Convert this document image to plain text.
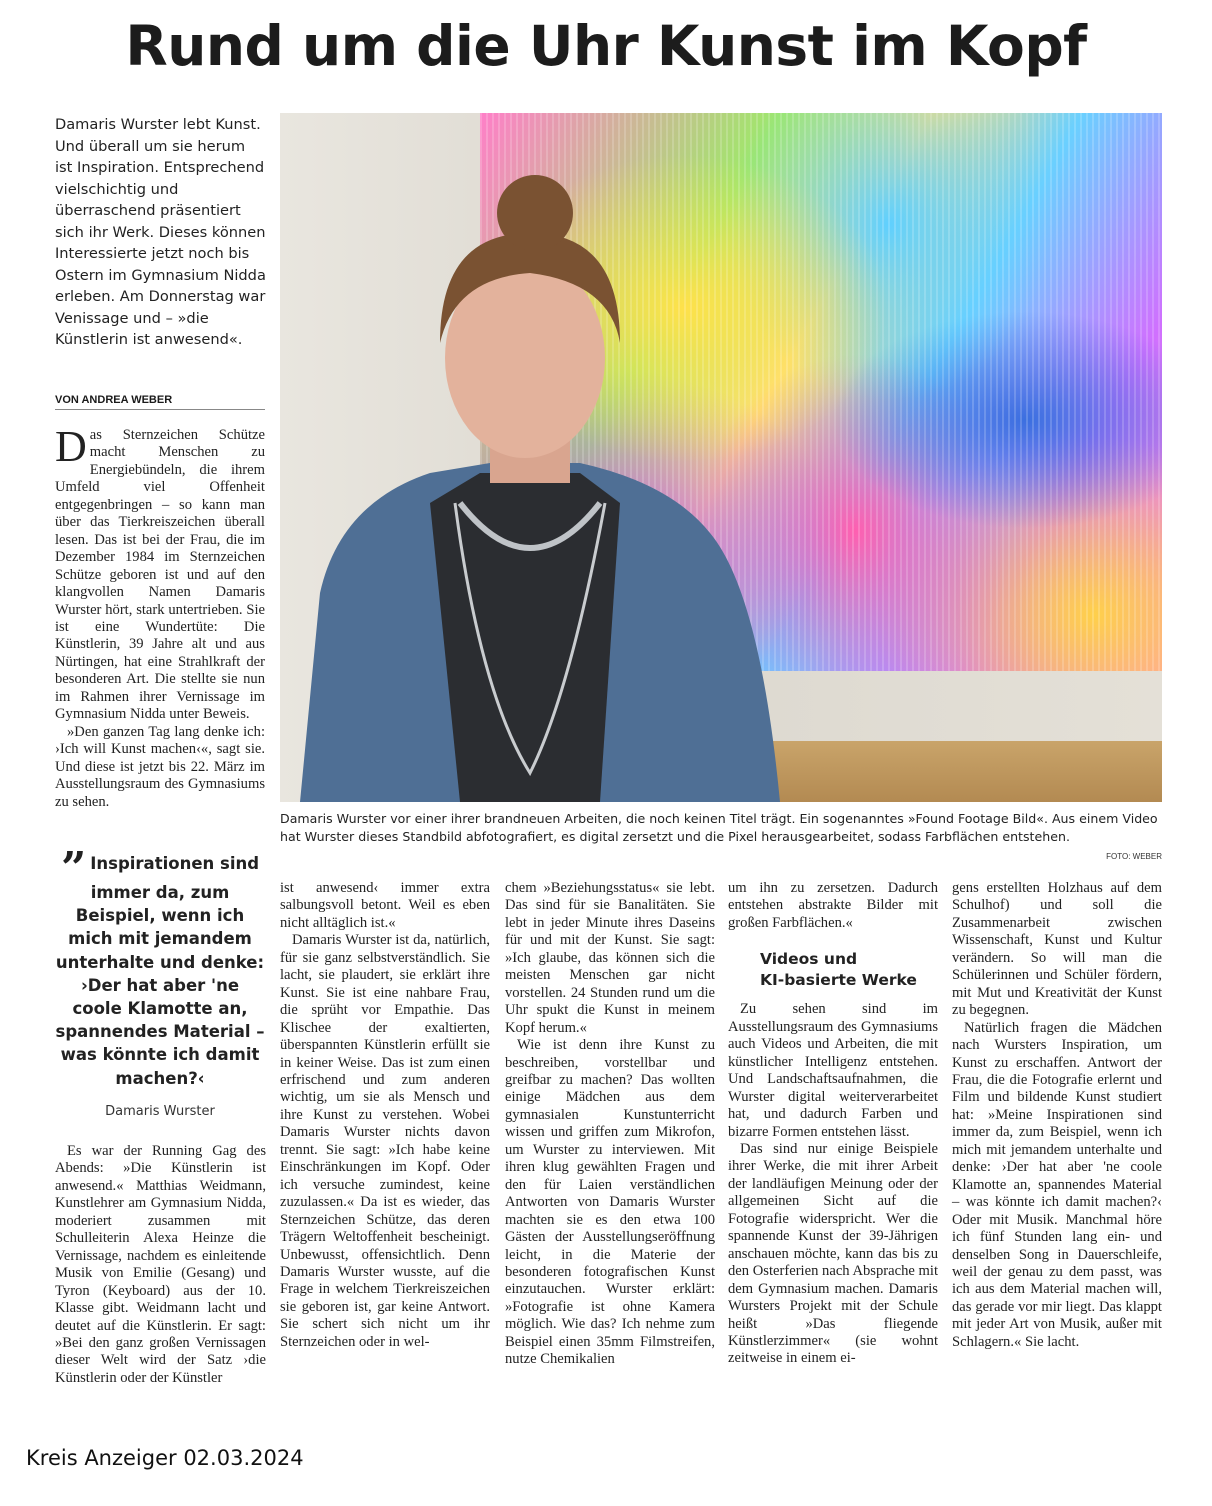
Rund um die Uhr Kunst im Kopf
Damaris Wurster lebt Kunst. Und überall um sie herum ist Inspiration. Entsprechend vielschichtig und überraschend präsentiert sich ihr Werk. Dieses können Interessierte jetzt noch bis Ostern im Gymnasium Nidda erleben. Am Donnerstag war Venissage und – »die Künstlerin ist anwesend«.
VON ANDREA WEBER

Das Sternzeichen Schütze macht Menschen zu Energiebündeln, die ihrem Umfeld viel Offenheit entgegenbringen – so kann man über das Tierkreiszeichen überall lesen. Das ist bei der Frau, die im Dezember 1984 im Sternzeichen Schütze geboren ist und auf den klangvollen Namen Damaris Wurster hört, stark untertrieben. Sie ist eine Wundertüte: Die Künstlerin, 39 Jahre alt und aus Nürtingen, hat eine Strahlkraft der besonderen Art. Die stellte sie nun im Rahmen ihrer Vernissage im Gymnasium Nidda unter Beweis.

»Den ganzen Tag lang denke ich: ›Ich will Kunst machen‹«, sagt sie. Und diese ist jetzt bis 22. März im Ausstellungsraum des Gymnasiums zu sehen.

Damaris Wurster vor einer ihrer brandneuen Arbeiten, die noch keinen Titel trägt. Ein sogenanntes »Found Footage Bild«. Aus einem Video hat Wurster dieses Standbild abfotografiert, es digital zersetzt und die Pixel herausgearbeitet, sodass Farbflächen entstehen.
FOTO: WEBER
” Inspirationen sind immer da, zum Beispiel, wenn ich mich mit jemandem unterhalte und denke: ›Der hat aber 'ne coole Klamotte an, spannendes Material – was könnte ich damit machen?‹
Damaris Wurster

Es war der Running Gag des Abends: »Die Künstlerin ist anwesend.« Matthias Weidmann, Kunstlehrer am Gymnasium Nidda, moderiert zusammen mit Schulleiterin Alexa Heinze die Vernissage, nachdem es einleitende Musik von Emilie (Gesang) und Tyron (Keyboard) aus der 10. Klasse gibt. Weidmann lacht und deutet auf die Künstlerin. Er sagt: »Bei den ganz großen Vernissagen dieser Welt wird der Satz ›die Künstlerin oder der Künstler

ist anwesend‹ immer extra salbungsvoll betont. Weil es eben nicht alltäglich ist.«

Damaris Wurster ist da, natürlich, für sie ganz selbstverständlich. Sie lacht, sie plaudert, sie erklärt ihre Kunst. Sie ist eine nahbare Frau, die sprüht vor Empathie. Das Klischee der exaltierten, überspannten Künstlerin erfüllt sie in keiner Weise. Das ist zum einen erfrischend und zum anderen wichtig, um sie als Mensch und ihre Kunst zu verstehen. Wobei Damaris Wurster nichts davon trennt. Sie sagt: »Ich habe keine Einschränkungen im Kopf. Oder ich versuche zumindest, keine zuzulassen.« Da ist es wieder, das Sternzeichen Schütze, das deren Trägern Weltoffenheit bescheinigt. Unbewusst, offensichtlich. Denn Damaris Wurster wusste, auf die Frage in welchem Tierkreiszeichen sie geboren ist, gar keine Antwort. Sie schert sich nicht um ihr Sternzeichen oder in wel-

chem »Beziehungsstatus« sie lebt. Das sind für sie Banalitäten. Sie lebt in jeder Minute ihres Daseins für und mit der Kunst. Sie sagt: »Ich glaube, das können sich die meisten Menschen gar nicht vorstellen. 24 Stunden rund um die Uhr spukt die Kunst in meinem Kopf herum.«

Wie ist denn ihre Kunst zu beschreiben, vorstellbar und greifbar zu machen? Das wollten einige Mädchen aus dem gymnasialen Kunstunterricht wissen und griffen zum Mikrofon, um Wurster zu interviewen. Mit ihren klug gewählten Fragen und den für Laien verständlichen Antworten von Damaris Wurster machten sie es den etwa 100 Gästen der Ausstellungseröffnung leicht, in die Materie der besonderen fotografischen Kunst einzutauchen. Wurster erklärt: »Fotografie ist ohne Kamera möglich. Wie das? Ich nehme zum Beispiel einen 35mm Filmstreifen, nutze Chemikalien

um ihn zu zersetzen. Dadurch entstehen abstrakte Bilder mit großen Farbflächen.«

Videos und
KI-basierte Werke

Zu sehen sind im Ausstellungsraum des Gymnasiums auch Videos und Arbeiten, die mit künstlicher Intelligenz entstehen. Und Landschaftsaufnahmen, die Wurster digital weiterverarbeitet hat, und dadurch Farben und bizarre Formen entstehen lässt.

Das sind nur einige Beispiele ihrer Werke, die mit ihrer Arbeit der landläufigen Meinung oder der allgemeinen Sicht auf die Fotografie widerspricht. Wer die spannende Kunst der 39-Jährigen anschauen möchte, kann das bis zu den Osterferien nach Absprache mit dem Gymnasium machen. Damaris Wursters Projekt mit der Schule heißt »Das fliegende Künstlerzimmer« (sie wohnt zeitweise in einem ei-

gens erstellten Holzhaus auf dem Schulhof) und soll die Zusammenarbeit zwischen Wissenschaft, Kunst und Kultur verändern. So will man die Schülerinnen und Schüler fördern, mit Mut und Kreativität der Kunst zu begegnen.

Natürlich fragen die Mädchen nach Wursters Inspiration, um Kunst zu erschaffen. Antwort der Frau, die die Fotografie erlernt und Film und bildende Kunst studiert hat: »Meine Inspirationen sind immer da, zum Beispiel, wenn ich mich mit jemandem unterhalte und denke: ›Der hat aber 'ne coole Klamotte an, spannendes Material – was könnte ich damit machen?‹ Oder mit Musik. Manchmal höre ich fünf Stunden lang ein- und denselben Song in Dauerschleife, weil der genau zu dem passt, was ich aus dem Material machen will, das gerade vor mir liegt. Das klappt mit jeder Art von Musik, außer mit Schlagern.« Sie lacht.

Kreis Anzeiger 02.03.2024
